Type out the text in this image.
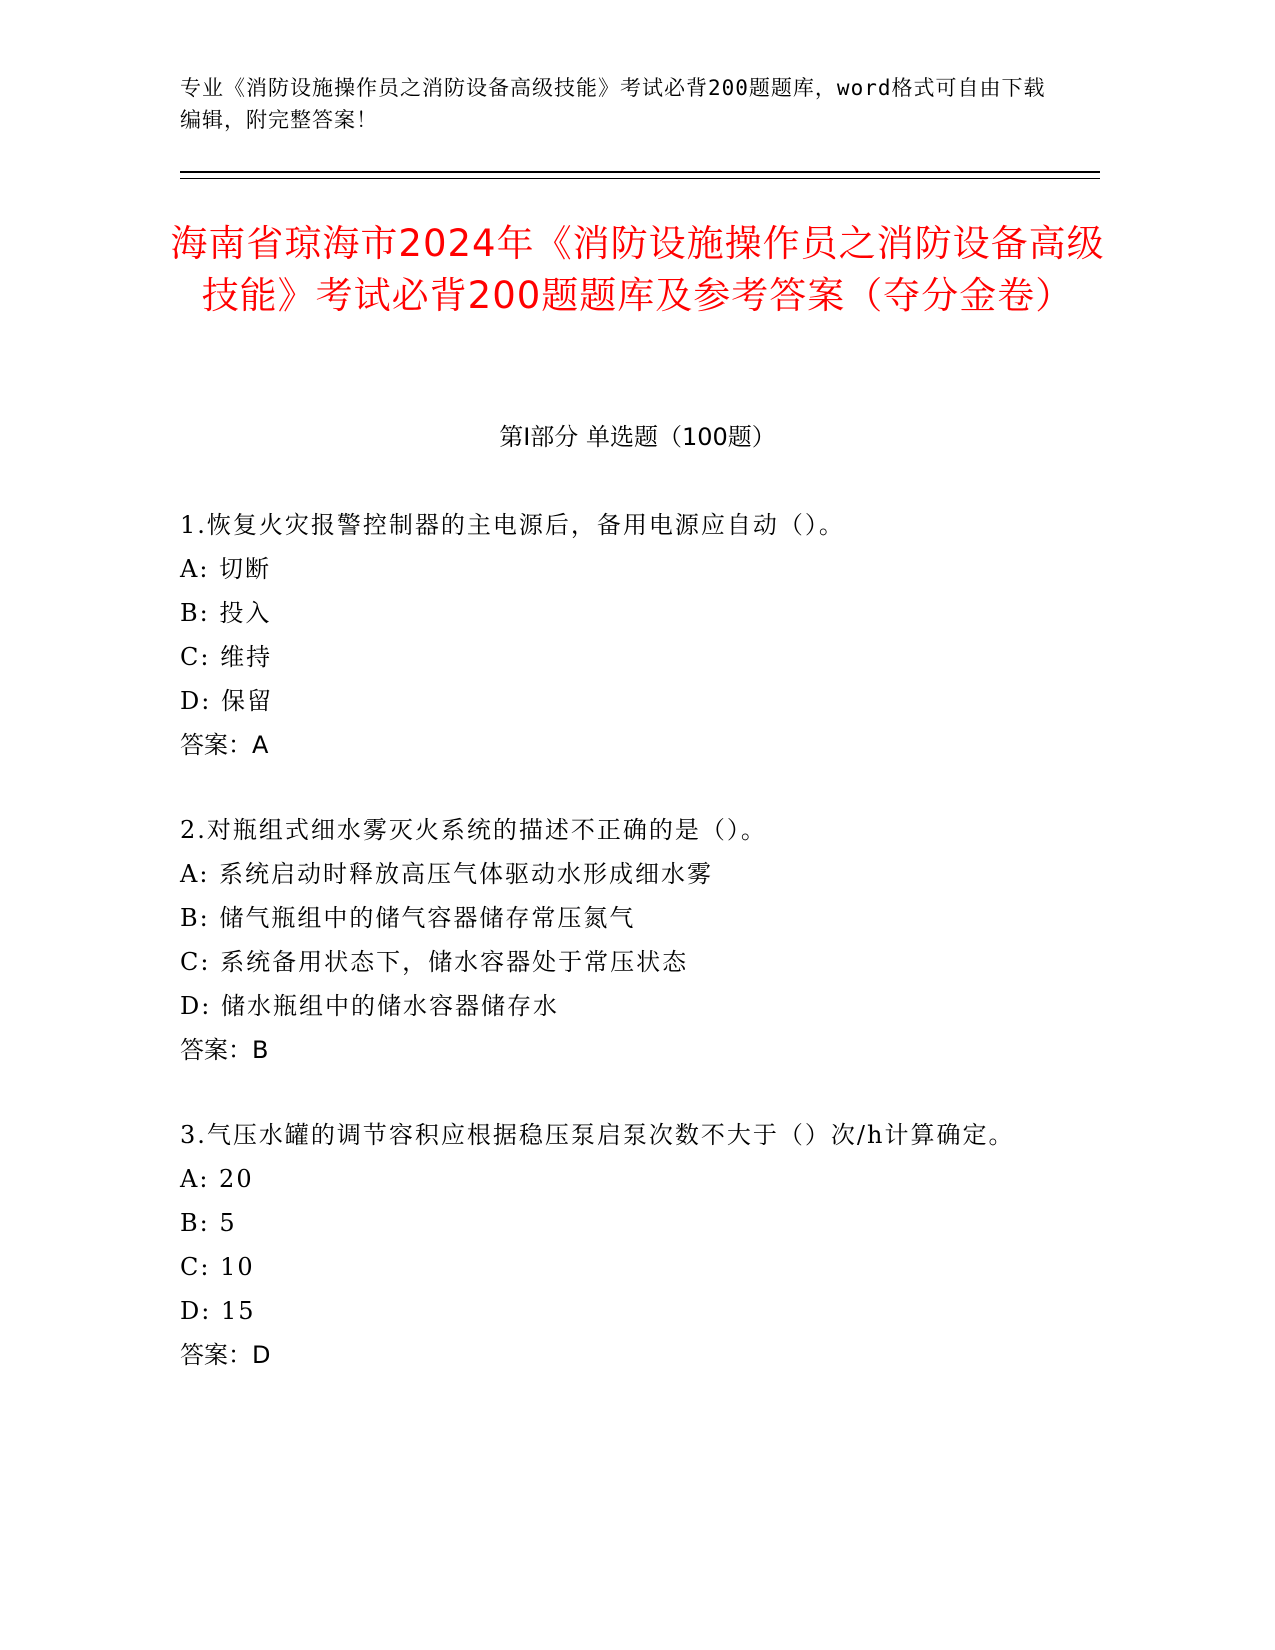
专业《消防设施操作员之消防设备高级技能》考试必背200题题库，word格式可自由下载编辑，附完整答案！
海南省琼海市2024年《消防设施操作员之消防设备高级技能》考试必背200题题库及参考答案（夺分金卷）
第I部分 单选题（100题）

1.恢复火灾报警控制器的主电源后，备用电源应自动（）。

A: 切断

B: 投入

C: 维持

D: 保留

答案：A

2.对瓶组式细水雾灭火系统的描述不正确的是（）。

A: 系统启动时释放高压气体驱动水形成细水雾

B: 储气瓶组中的储气容器储存常压氮气

C: 系统备用状态下，储水容器处于常压状态

D: 储水瓶组中的储水容器储存水

答案：B

3.气压水罐的调节容积应根据稳压泵启泵次数不大于（）次/h计算确定。

A: 20

B: 5

C: 10

D: 15

答案：D
